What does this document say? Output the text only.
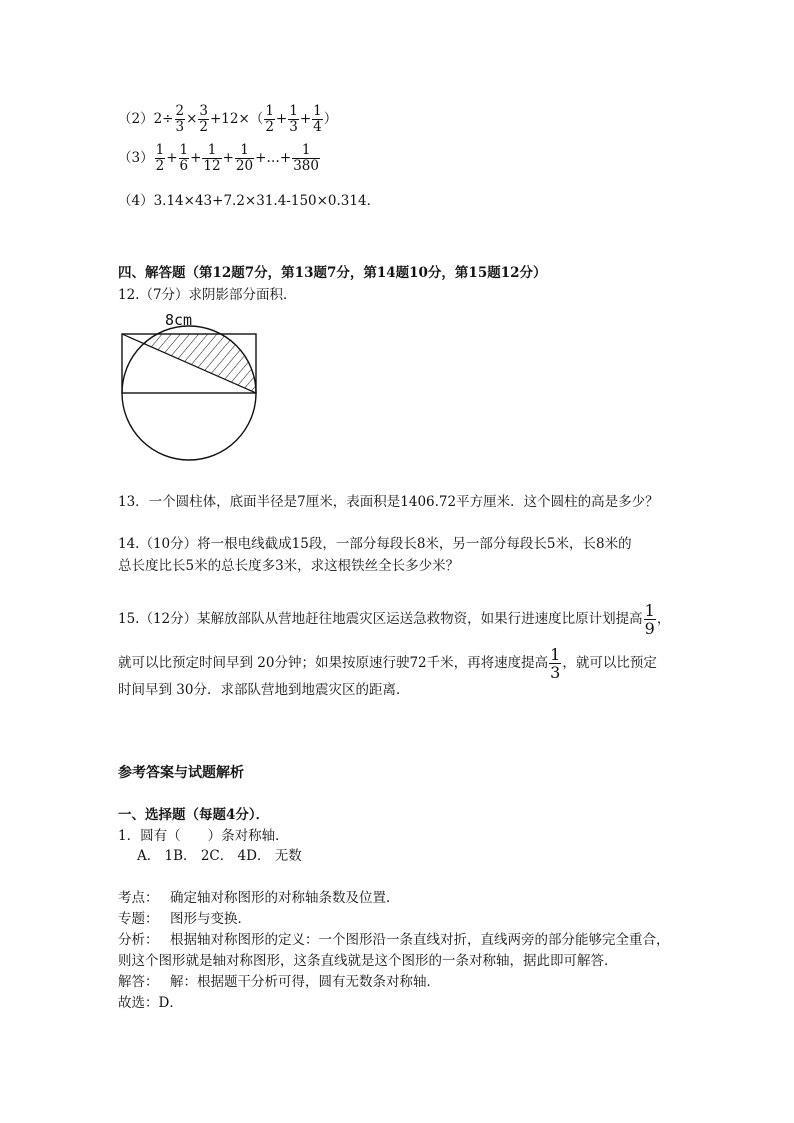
$(2)2\div \frac{2}{3} \times \frac{3}{2} +12\times( \frac{1}{2} + \frac{1}{3} + \frac{1}{4}$ ）
$(3) \frac{1}{2} + \frac{1}{6} + \frac{1}{12} + \frac{1}{20}$ +…+ $\frac{1}{380}$
（4）3.14×43+7.2×31.4-150×0.314．
四、解答题（第12题7分，第13题7分，第14题10分，第15题12分）
12.（7分）求阴影部分面积．
8cm
13．一个圆柱体，底面半径是7厘米，表面积是1406.72平方厘米．这个圆柱的高是多少？
14.（10分）将一根电线截成15段，一部分每段长8米，另一部分每段长5米，长8米的
总长度比长5米的总长度多3米，求这根铁丝全长多少米？
15.（12分）某解放部队从营地赶往地震灾区运送急救物资，如果行进速度比原计划提高 $\frac{1}{9}$ ，
就可以比预定时间早到 20分钟；如果按原速行驶72千米，再将速度提高 $\frac{1}{3}$ ，就可以比预定
时间早到 30分．求部队营地到地震灾区的距离．
参考答案与试题解析
一、选择题（每题4分）．
1．圆有（　　）条对称轴．
A． 1B． 2C． 4D． 无数
考点： 确定轴对称图形的对称轴条数及位置．
专题： 图形与变换．
分析： 根据轴对称图形的定义：一个图形沿一条直线对折，直线两旁的部分能够完全重合，
则这个图形就是轴对称图形，这条直线就是这个图形的一条对称轴，据此即可解答．
解答： 解：根据题干分析可得，圆有无数条对称轴．
故选：D．
